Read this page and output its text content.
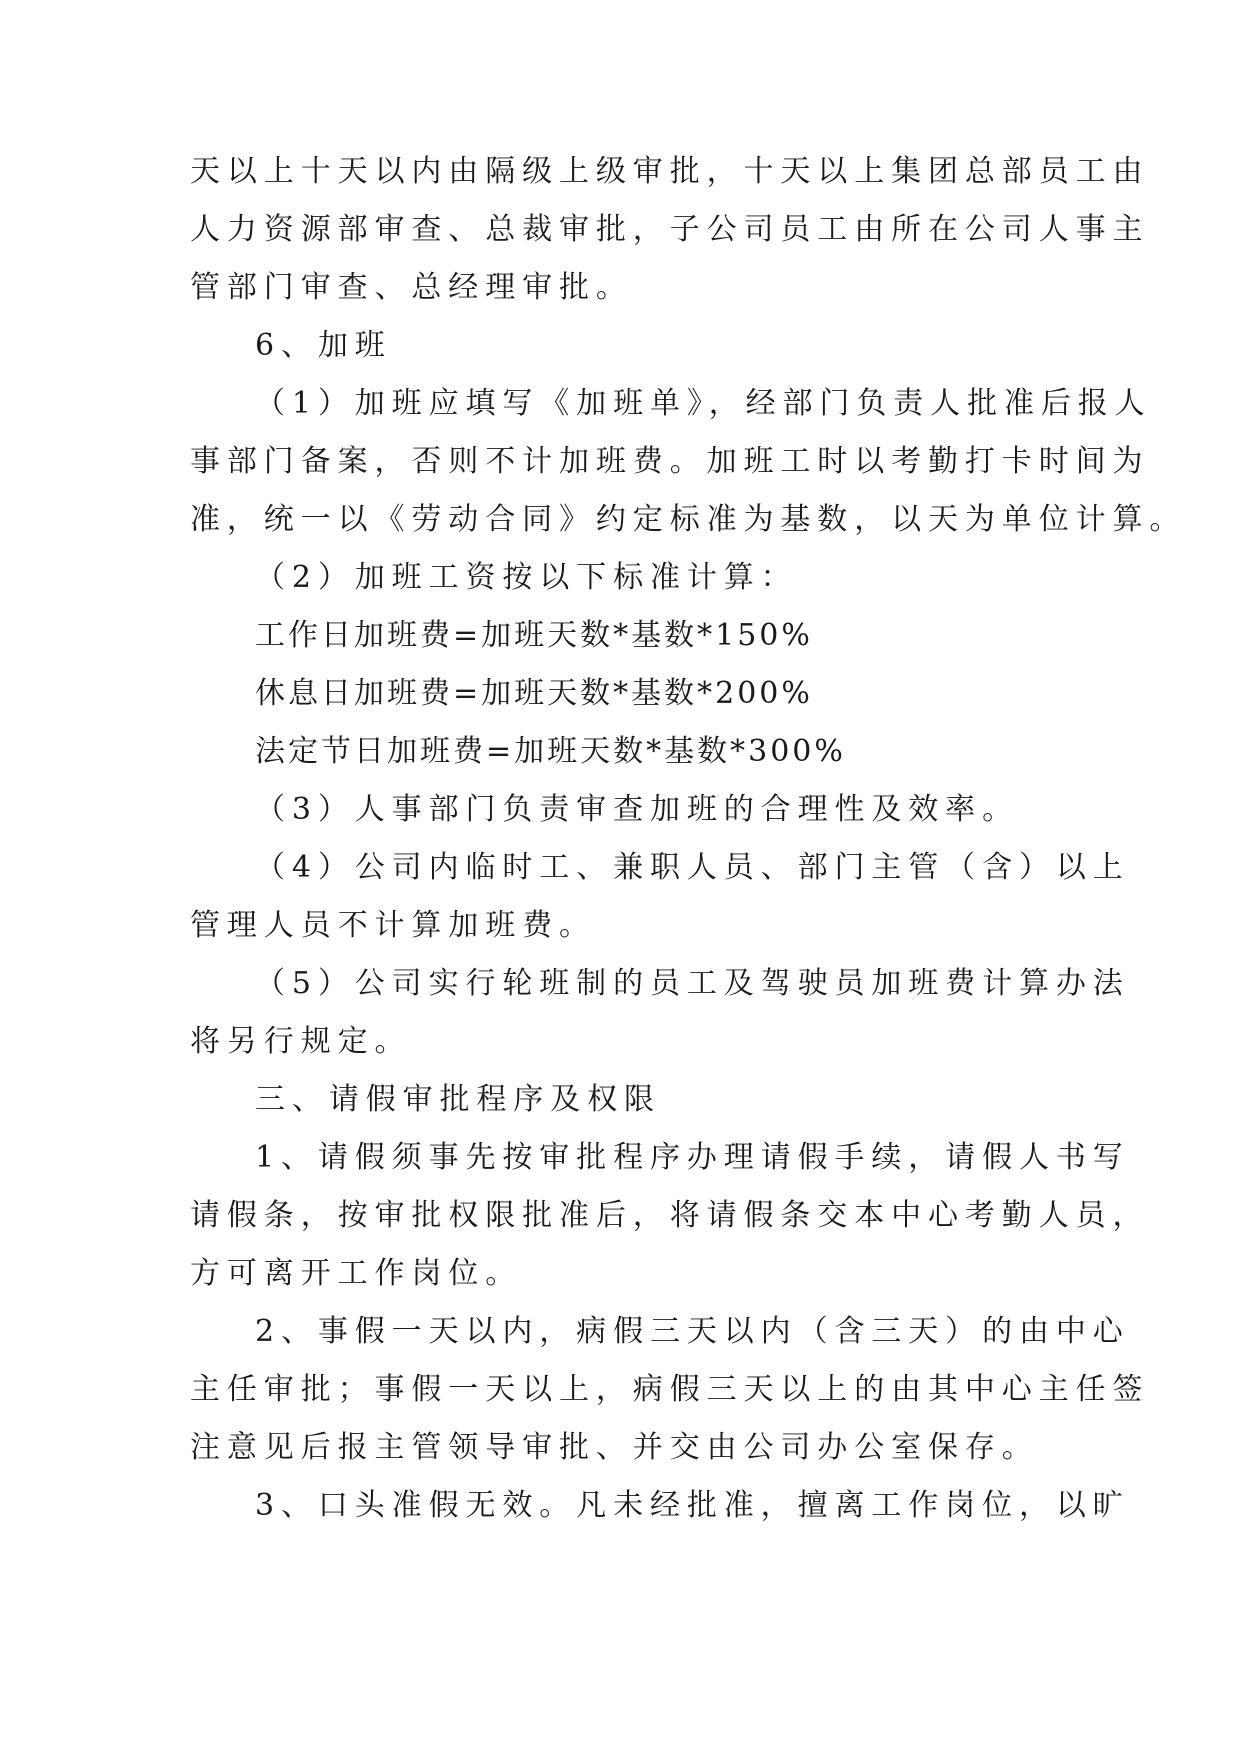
天以上十天以内由隔级上级审批，十天以上集团总部员工由
人力资源部审查、总裁审批，子公司员工由所在公司人事主
管部门审查、总经理审批。
6、加班
（1）加班应填写《加班单》，经部门负责人批准后报人
事部门备案，否则不计加班费。加班工时以考勤打卡时间为
准，统一以《劳动合同》约定标准为基数，以天为单位计算。
（2）加班工资按以下标准计算：
工作日加班费=加班天数*基数*150%
休息日加班费=加班天数*基数*200%
法定节日加班费=加班天数*基数*300%
（3）人事部门负责审查加班的合理性及效率。
（4）公司内临时工、兼职人员、部门主管（含）以上
管理人员不计算加班费。
（5）公司实行轮班制的员工及驾驶员加班费计算办法
将另行规定。
三、请假审批程序及权限
1、请假须事先按审批程序办理请假手续，请假人书写
请假条，按审批权限批准后，将请假条交本中心考勤人员，
方可离开工作岗位。
2、事假一天以内，病假三天以内（含三天）的由中心
主任审批；事假一天以上，病假三天以上的由其中心主任签
注意见后报主管领导审批、并交由公司办公室保存。
3、口头准假无效。凡未经批准，擅离工作岗位，以旷
